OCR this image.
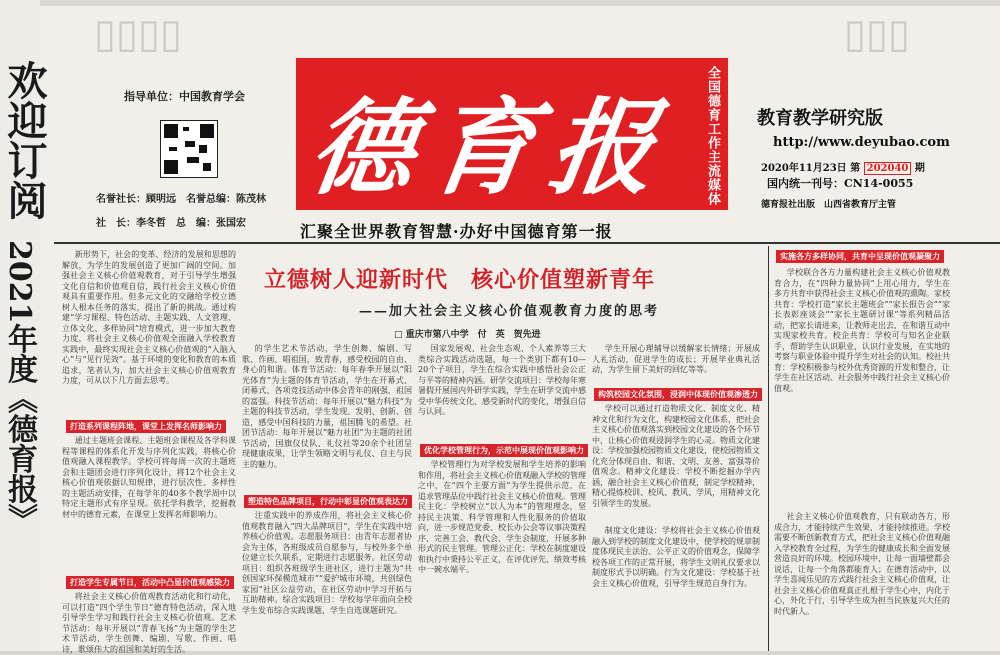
▯▯▯▯	▯▯▯
指导单位：中国教育学会
名誉社长：顾明远　名誉总编：陈茂林
社　长：李冬哲　总　编：张国宏
德育报 全国德育工作主流媒体
汇聚全世界教育智慧·办好中国德育第一报
教育教学研究版
http://www.deyubao.com
2020年11月23日 第 202040 期
国内统一刊号：CN14-0055
德育报社出版　山西省教育厅主管
立德树人迎新时代　核心价值塑新青年
——加大社会主义核心价值观教育力度的思考
□ 重庆市第八中学　付　英　贺先进

新形势下，社会的变革、经济的发展和思想的解放，为学生的发展创造了更加广阔的空间。加强社会主义核心价值观教育，对于引导学生增强文化自信和价值观自信，践行社会主义核心价值观具有重要作用。但多元文化的交融给学校立德树人根本任务的落实，提出了新的挑战。通过构建“学习课程、特色活动、主题实践、人文管理、立体文化、多样协同”培育模式，进一步加大教育力度，将社会主义核心价值观全面融入学校教育实践中，最终实现社会主义核心价值观的“入脑入心”与“见行见效”。基于环境的变化和教育的本质追求，笔者认为，加大社会主义核心价值观教育力度，可从以下几方面去思考。

打造系列课程阵地，课堂上发挥名师影响力

通过主题班会课程、主题班会课程及各学科课程等课程的体系化开发与序列化实践，将核心价值观融入课程教学。学校可将每周一次的主题班会和主题团会进行序列化设计，将12个社会主义核心价值观依据认知规律，进行层次性、多样性的主题活动安排，在每学年的40多个教学周中以特定主题形式有序呈现。依托学科教学，挖掘教材中的德育元素，在课堂上发挥名师影响力。

打造学生专属节日，活动中凸显价值观感染力

将社会主义核心价值观教育活动化和行动化，可以打造“四个学生节日”德育特色活动，深入地引导学生学习和践行社会主义核心价值观。艺术节活动：每年开展以“青春飞扬”为主题的学生艺术节活动，学生创舞、编剧、写歌、作画、唱诗，歌颂伟大的祖国和美好的生活。

的学生艺术节活动，学生创舞、编剧、写歌、作画、唱祖国，致青春，感受校园的自由、身心的和谐。体育节活动：每年春季开展以“阳光体育”为主题的体育节活动，学生在开幕式、闭幕式、各项竞技活动中体会青年的刚强，祖国的富强。科技节活动：每年开展以“魅力科技”为主题的科技节活动，学生发现、发明、创新、创造，感受中国科技的力量，祖国腾飞的希望。社团节活动：每年开展以“魅力社团”为主题的社团节活动，国旗仪仗队、礼仪社等20余个社团呈现健康成果，让学生领略文明与礼仪、自主与民主的魅力。

塑造特色品牌项目，行动中彰显价值观表达力

注重实践中的养成作用，将社会主义核心价值观教育融入“四大品牌项目”，学生在实践中培养核心价值观。志愿服务项目：由青年志愿者协会为主体，各班级成员自愿参与，与校外多个单位建立长久联系，定期进行志愿服务。社区劳动项目：组织各班级学生进社区，进行主题为“共创国家环保模范城市”“爱护城市环境，共创绿色家园”社区公益劳动，在社区劳动中学习开拓与互助精神。综合实践项目：学校每学年面向全校学生发布综合实践课题，学生自选课题研究。

国家发展观、社会生态观、个人素养等三大类综合实践活动选题，每一个类别下都有10—20个子项目，学生在综合实践中感悟社会公正与平等的精神内涵。研学交流项目：学校每年寒暑假开展国内外研学实践，学生在研学交流中感受中华传统文化、感受新时代的变化，增强自信与认同。

优化学校管理行为，示范中展现价值观影响力

学校管理行为对学校发展和学生培养的影响和作用，将社会主义核心价值观融入学校的管理之中，在“四个主要方面”为学生提供示范，在追求管理品位中践行社会主义核心价值观。管理民主化：学校树立“以人为本”的管理理念，坚持民主决策、科学管理和人性化服务的价值取向，进一步规范党委、校长办公会等议事决策程序，完善工会、教代会、学生会制度，开展多种形式的民主管理。管理公正化：学校在制度建设和执行中秉持公平正义，在评优评先、绩效考核中一碗水端平。

学生开展心理辅导以缓解家长情绪；开展成人礼活动，促进学生的成长；开展毕业典礼活动，为学生留下美好的回忆等等。

构筑校园文化氛围，浸润中体现价值观渗透力

学校可以通过打造物质文化、制度文化、精神文化和行为文化，构建校园文化体系，把社会主义核心价值观落实到校园文化建设的各个环节中，让核心价值观浸润学生的心灵。物质文化建设：学校加强校园物质文化建设，使校园物质文化充分体现自由、和谐、文明、友善、富强等价值观念。精神文化建设：学校不断挖掘办学内涵，融合社会主义核心价值观，制定学校精神，精心提炼校训、校风、教风、学风，用精神文化引领学生的发展。

制度文化建设：学校将社会主义核心价值观融入到学校的制度文化建设中，使学校的规章制度体现民主法治、公平正义的价值观念，保障学校各项工作的正常开展，将学生文明礼仪要求以制度形式予以明确。行为文化建设：学校基于社会主义核心价值观，引导学生规范自身行为。

实施各方多样协同，共育中呈现价值观凝聚力

学校联合各方力量构建社会主义核心价值观教育合力，在“四种力量协同”上用心用力，学生在多方共育中获得社会主义核心价值观的熏陶。家校共育：学校打造“家长主题班会”“家长报告会”“家长表彰座谈会”“家长主题研讨课”等系列精品活动，把家长请进来，让教师走出去，在和谐互动中实现家校共育。校企共育：学校可与知名企业联手，帮助学生认识职业，认识行业发展，在实地的考察与职业体验中提升学生对社会的认知。校社共育：学校积极参与校外优秀资源的开发和整合，让学生在社区活动、社会服务中践行社会主义核心价值观。

社会主义核心价值观教育，只有联动各方，形成合力，才能持续产生效果，才能持续推进。学校需要不断创新教育方式，把社会主义核心价值观融入学校教育全过程，为学生的健康成长和全面发展营造良好的环境。校园环境中，让每一面墙壁都会说话，让每一个角落都能育人；在德育活动中，以学生喜闻乐见的方式践行社会主义核心价值观，让社会主义核心价值观真正扎根于学生心中，内化于心，外化于行，引导学生成为担当民族复兴大任的时代新人。

欢迎订阅
2021年度《德育报》
